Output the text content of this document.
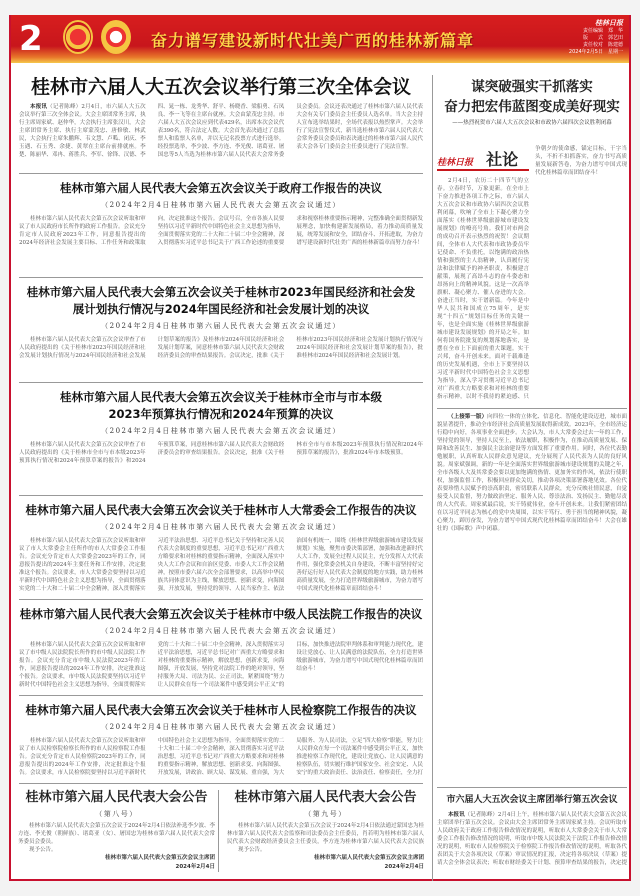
2	奋力谱写建设新时代壮美广西的桂林新篇章
桂林日报
责任编辑　郑　华
版　　式　郭艺田
责任校对　陈建德
2024年2月5日　星期一
桂林市六届人大五次会议举行第三次全体会议
本报讯（记者陈峰）2月4日，市六届人大五次会议举行第三次全体会议。大会主席团常务主席，执行主席周家斌、赵仲华，大会执行主席张汉川，大会主席团常务主席、执行主席蒙茂忠、唐修敏、林武民，大会执行主席朱鹏辉、韦文慧、卢呱、闭庆、李玉遇、石玉秀、余捷、黄翠在主席台前排就座。李楚、陈丽华、邓冉、蒋胜兵、李军、徐锋、汉德、李四、晁一栋、龙秀华、舒平、杨晓香、梁船勇、石凤良、李一飞等在主席台就座。大会由蒙茂忠主持。市六届人大五次会议应到代表429名，出席本次会议代表390名，符合法定人数。大会首先表决通过了总监票人和监票人名单，并以无记名投票方式进行选举。经投票选举，李少波、李方连、李光俊、诸葛亚、屠国忠等5人当选为桂林市第六届人民代表大会常务委员会委员。会议还表决通过了桂林市第六届人民代表大会有关专门委员会主任委员人选名单。当大会主持人宣布选举结果时，全场代表报以热烈掌声。大会举行了宪法宣誓仪式，新当选桂林市第六届人民代表大会常务委员会委员和表决通过的桂林市第六届人民代表大会各专门委员会主任委员进行了宪法宣誓。
桂林市第六届人民代表大会第五次会议关于政府工作报告的决议
（2024年2月4日桂林市第六届人民代表大会第五次会议通过）
桂林市第六届人民代表大会第五次会议听取和审议了市人民政府市长所作的政府工作报告。会议充分肯定市人民政府2023年工作，同意报告提出的2024年经济社会发展主要目标、工作任务和政策取向，决定批准这个报告。会议号召，全市各族人民要坚持以习近平新时代中国特色社会主义思想为指导，全面贯彻落实党的二十大和二十届二中全会精神，深入贯彻落实习近平总书记关于广西工作论述的重要要求和视察桂林重要指示精神，完整准确全面贯彻新发展理念，加快构建新发展格局，着力推动高质量发展，统筹发展和安全，团结奋斗、开拓进取，为奋力谱写建设新时代壮美广西的桂林新篇章而努力奋斗！
桂林市第六届人民代表大会第五次会议关于桂林市2023年国民经济和社会发展计划执行情况与2024年国民经济和社会发展计划的决议
（2024年2月4日桂林市第六届人民代表大会第五次会议通过）
桂林市第六届人民代表大会第五次会议审查了市人民政府提出的《关于桂林市2023年国民经济和社会发展计划执行情况与2024年国民经济和社会发展计划草案的报告》及桂林市2024年国民经济和社会发展计划草案，同意桂林市第六届人民代表大会财政经济委员会的审查结果报告。会议决定，批准《关于桂林市2023年国民经济和社会发展计划执行情况与2024年国民经济和社会发展计划草案的报告》，批准桂林市2024年国民经济和社会发展计划。
桂林市第六届人民代表大会第五次会议关于桂林市全市与市本级2023年预算执行情况和2024年预算的决议
（2024年2月4日桂林市第六届人民代表大会第五次会议通过）
桂林市第六届人民代表大会第五次会议审查了市人民政府提出的《关于桂林市全市与市本级2023年预算执行情况和2024年预算草案的报告》和2024年预算草案，同意桂林市第六届人民代表大会财政经济委员会的审查结果报告。会议决定，批准《关于桂林市全市与市本级2023年预算执行情况和2024年预算草案的报告》，批准2024年市本级预算。
桂林市第六届人民代表大会第五次会议关于桂林市人大常委会工作报告的决议
（2024年2月4日桂林市第六届人民代表大会第五次会议通过）
桂林市第六届人民代表大会第五次会议听取和审议了市人大常委会主任所作的市人大常委会工作报告。会议充分肯定市人大常委会2023年的工作，同意报告提出的2024年主要任务和工作安排，决定批准这个报告。会议要求，市人大常委会要坚持以习近平新时代中国特色社会主义思想为指导，全面贯彻落实党的二十大和二十届二中全会精神，深入贯彻落实习近平法治思想、习近平总书记关于坚持和完善人民代表大会制度的重要思想，习近平总书记对广西重大方略要求和对桂林的重要指示精神，全面深入落实中央人大工作会议和自治区党委、市委人大工作会议精神，按照市委六届六次全会部署要求，以高举中华民族共同体意识为主线，解放思想、创新求变，向海图强，开放发展，坚持党的领导、人民当家作主、依法治国有机统一，围绕《桂林世界级旅游城市建设发展规划》实施，聚焦市委决策部署，加强和改进新时代人大工作，发展全过程人民民主，充分发挥人大代表作用，强化常委会机关自身建设，不断丰富坚持好完善好运行好人民代表大会制度的地方实践，助力桂林高质量发展，全力打造世界级旅游城市，为奋力谱写中国式现代化桂林篇章而团结奋斗！
桂林市第六届人民代表大会第五次会议关于桂林市中级人民法院工作报告的决议
（2024年2月4日桂林市第六届人民代表大会第五次会议通过）
桂林市第六届人民代表大会第五次会议听取和审议了市中级人民法院院长所作的市中级人民法院工作报告。会议充分肯定市中级人民法院2023年的工作，同意报告提出的2024年工作安排，决定批准这个报告。会议要求，市中级人民法院要坚持以习近平新时代中国特色社会主义思想为指导，全面贯彻落实党的二十大和二十届二中全会精神，深入贯彻落实习近平法治思想，习近平总书记对广西重大方略要求和对桂林的重要指示精神，解放思想，创新求变，向海图强，开放发展，坚持党对法院工作的绝对领导，坚持服务大局、司法为民、公正司法，紧紧围绕“努力让人民群众在每一个司法案件中感受到公平正义”的目标，加快推进法院审判体系和审判能力现代化，建设让党放心、让人民满意的法院队伍，全力打造世界级旅游城市，为奋力谱写中国式现代化桂林篇章而团结奋斗！
桂林市第六届人民代表大会第五次会议关于桂林市人民检察院工作报告的决议
（2024年2月4日桂林市第六届人民代表大会第五次会议通过）
桂林市第六届人民代表大会第五次会议听取和审议了市人民检察院检察长所作的市人民检察院工作报告。会议充分肯定市人民检察院2023年的工作，同意报告提出的2024年工作安排，决定批准这个报告。会议要求，市人民检察院要坚持以习近平新时代中国特色社会主义思想为指导，全面贯彻落实党的二十大和二十届二中全会精神，深入贯彻落实习近平法治思想，习近平总书记对广西重大方略要求和对桂林的重要指示精神，解放思想、创新求变、向海图强、开放发展，讲政治、顾大局、谋发展、重自强，为大局服务、为人民司法，立足“四大检察”职能，努力让人民群众在每一个司法案件中感受到公平正义，加快推进检察工作现代化，建设让党放心、让人民满意的检察队伍，切实履行维护国家安全、社会安定、人民安宁的重大政治责任、法治责任、检察责任，全力打
桂林市第六届人民代表大会公告
（第八号）
桂林市第六届人民代表大会第五次会议于2024年2月4日依法补选李少波、李方连、李光俊（朝鲜族）、诸葛亚（女）、屠国忠为桂林市第六届人民代表大会常务委员会委员。
现予公告。
桂林市第六届人民代表大会第五次会议主席团
2024年2月4日
桂林市第六届人民代表大会公告
（第九号）
桂林市第六届人民代表大会第五次会议于2024年2月4日依法通过蒙国忠为桂林市第六届人民代表大会监察和司法委员会主任委员，肖若明为桂林市第六届人民代表大会财政经济委员会主任委员，李方连为桂林市第六届人民代表大会民族
现予公告。
桂林市第六届人民代表大会第五次会议主席团
2024年2月4日
谋突破强实干抓落实
奋力把宏伟蓝图变成美好现实
——热烈祝贺市六届人大五次会议和市政协六届四次会议胜利闭幕
桂林日报 社论
2月4日，农历二十四节气的立春。立春时节，万象更新。在全市上下奋力推进各项工作之际，市六届人大五次会议和市政协六届四次会议胜利闭幕，吹响了全市上下凝心聚力全面落实《桂林世界级旅游城市建设发展规划》的嘹亮号角。我们对市两会的成功召开表示热烈的祝贺！会议期间，全体市人大代表和市政协委员牢记使命、不负重托，以饱满的政治热情和强烈的主人翁精神，认真履行宪法和法律赋予的神圣职责，积极建言献策，展现了高昂斗志的奋斗姿态和昂扬向上的精神风貌。这是一次高举旗帜、凝心聚力、催人奋进的大会。奋进正当时，实干谱新篇。今年是中华人民共和国成立75周年，是实现“十四五”规划目标任务的关键一年，也是全面实施《桂林世界级旅游城市建设发展规划》的开局之年。如何将国务院批复的规划落地落实，是摆在全市上下面前的重大课题。实干兴邦，奋斗开创未来。面对千载难逢的历史发展机遇，全市上下要坚持以习近平新时代中国特色社会主义思想为指导，深入学习贯彻习近平总书记对广西重大方略要求和对桂林的重要指示精神，以时不我待的紧迫感、只
争朝夕的使命感，锚定目标，干字当头，不折不扣抓落实，奋力书写高质量发展新答卷，为奋力谱写中国式现代化桂林篇章而团结奋斗！
（上接第一版）向四位一体的立体化、信息化、智能化建设迈进，城市面貌显著提升，推动全市经济社会高质量发展取得新成效。2023年，全市经济运行稳中向好，各项事业全面进步。大会认为，市人大常委会过去一年的工作，坚持党的领导，坚持人民至上，依法履职，积极作为，在推动高质量发展、保障和改善民生、加强民主法治建设等方面发挥了重要作用。同时，各位代表勤勉履职，认真听取人民群众意见建议，充分展现了人民代表为人民的良好风貌。周家斌强调，新的一年是全面落实世界级旅游城市建设规划的关键之年，全市各级人大及其常委会要以更加饱满的热情、更加务实的作风，依法行使职权，加强监督工作，积极回应群众关切，推动各项决策部署落地见效。各位代表要珍惜人民赋予的崇高职责，密切联系人民群众，充分反映社情民意，自觉接受人民监督，努力做政治坚定、服务人民、尊崇法治、发扬民主、勤勉尽责的人大代表。周家斌最后说，实干铸就伟业，奋斗开创未来。让我们紧密团结在以习近平同志为核心的党中央周围，以实干笃行、勇于担当的精神风貌，凝心聚力，踔厉奋发，为奋力谱写中国式现代化桂林篇章而团结奋斗！大会在雄壮的《国际歌》声中闭幕。
市六届人大五次会议主席团举行第五次会议
本报讯（记者陈峰）2月4日上午，桂林市第六届人民代表大会第五次会议主席团举行第五次会议。会议由大会主席团常务主席周家斌主持。会议听取市人民政府关于政府工作报告修改情况的说明，听取市人大常委会关于市人大常委会工作报告修改情况的说明，听取市中级人民法院关于法院工作报告修改情况的说明，听取市人民检察院关于检察院工作报告修改情况的说明，听取各代表团关于大会各项决议（草案）审议情况的汇报，决定将各项决议（草案）提请大会全体会议表决；听取市财经委关于计划、预算审查结果的报告，决定提
